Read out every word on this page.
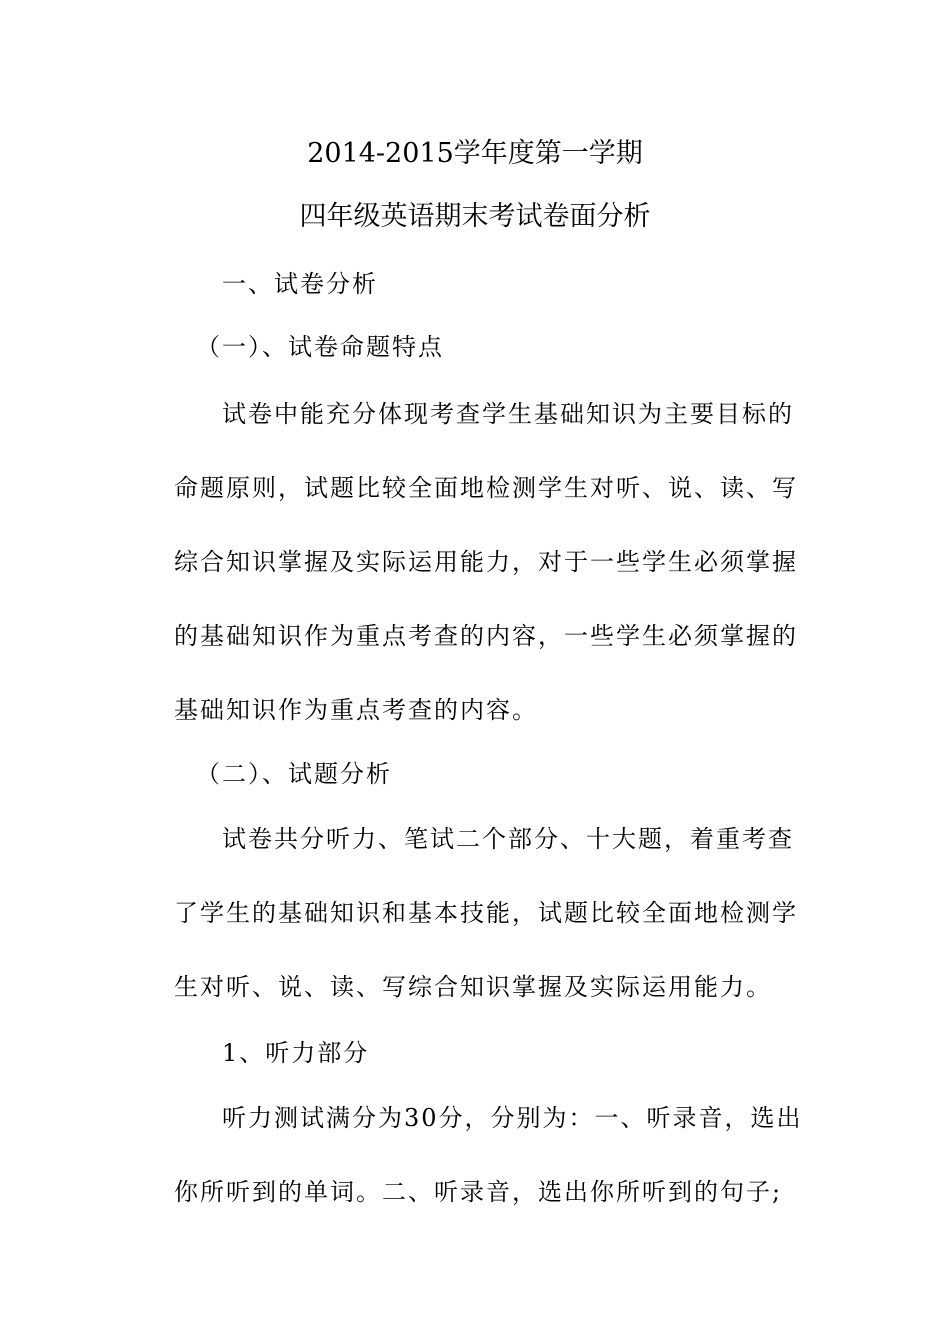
2014-2015学年度第一学期
四年级英语期末考试卷面分析
一、试卷分析
（一）、试卷命题特点
试卷中能充分体现考查学生基础知识为主要目标的
命题原则，试题比较全面地检测学生对听、说、读、写
综合知识掌握及实际运用能力，对于一些学生必须掌握
的基础知识作为重点考查的内容，一些学生必须掌握的
基础知识作为重点考查的内容。
（二）、试题分析
试卷共分听力、笔试二个部分、十大题，着重考查
了学生的基础知识和基本技能，试题比较全面地检测学
生对听、说、读、写综合知识掌握及实际运用能力。
1、听力部分
听力测试满分为30分，分别为：一、听录音，选出
你所听到的单词。二、听录音，选出你所听到的句子;
